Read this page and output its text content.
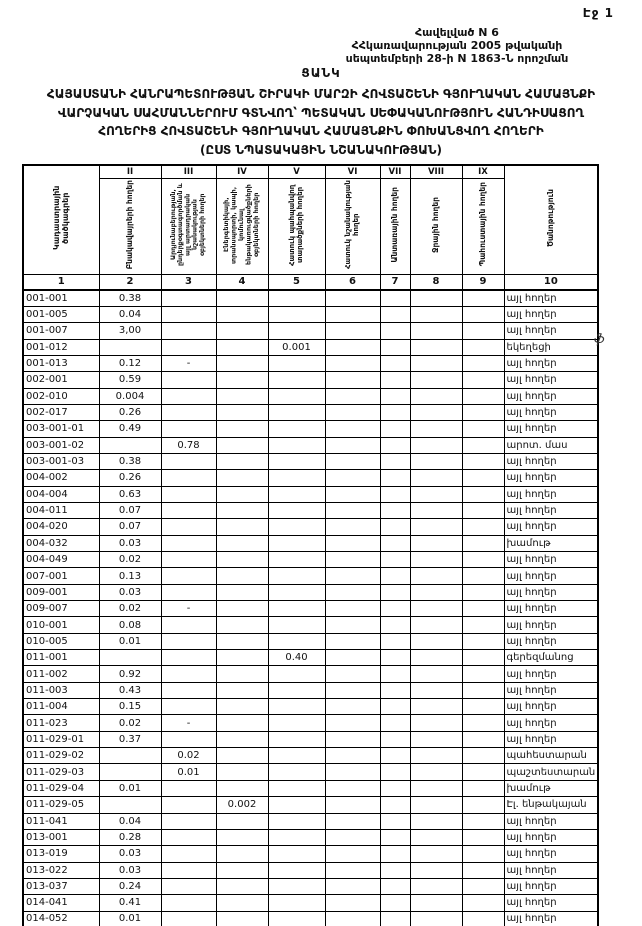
Էջ 1
Հավելված N 6
ՀՀկառավարության 2005 թվականի
սեպտեմբերի 28-ի N 1863-Ն որոշման
ՑԱՆԿ
ՀԱՅԱՍՏԱՆԻ ՀԱՆՐԱՊԵՏՈՒԹՅԱՆ ՇԻՐԱԿԻ ՄԱՐԶԻ ՀՈՎՏԱՇԵՆԻ ԳՅՈՒՂԱԿԱՆ ՀԱՄԱՅՆՔԻ
ՎԱՐՉԱԿԱՆ ՍԱՀՄԱՆՆԵՐՈՒՄ ԳՏՆՎՈՂ՝ ՊԵՏԱԿԱՆ ՍԵՓԱԿԱՆՈՒԹՅՈՒՆ ՀԱՆԴԻՍԱՑՈՂ
ՀՈՂԵՐԻՑ ՀՈՎՏԱՇԵՆԻ ԳՅՈՒՂԱԿԱՆ ՀԱՄԱՅՆՔԻՆ ՓՈԽԱՆՑՎՈՂ ՀՈՂԵՐԻ
(ԸՍՏ ՆՊԱՏԱԿԱՅԻՆ ՆՇԱՆԱԿՈՒԹՅԱՆ)
Կադաստրային ծածկագրեր	II	III	IV	V	VI	VII	VIII	IX	Ծանոթություն
	Բնակավայրերի հողեր	Արդյունաբերության, ընդերքօգտագործման և այլ արտադրական նշանակության օբյեկտների հողեր	Էներգետիկայի, տրանսպորտի, կապի, կոմունալ ենթակառուցվածքների օբյեկտների հողեր	Հատուկ պահպանվող տարածքների հողեր	Հատուկ նշանակության հողեր	Անտառային հողեր	Ջրային հողեր	Պահուստային հողեր	
1	2	3	4	5	6	7	8	9	10
001-001	0.38								այլ հողեր
001-005	0.04								այլ հողեր
001-007	3,00								այլ հողեր
001-012				0.001					եկեղեցի
001-013	0.12	-							այլ հողեր
002-001	0.59								այլ հողեր
002-010	0.004								այլ հողեր
002-017	0.26								այլ հողեր
003-001-01	0.49								այլ հողեր
003-001-02		0.78							արոտ. մաս
003-001-03	0.38								այլ հողեր
004-002	0.26								այլ հողեր
004-004	0.63								այլ հողեր
004-011	0.07								այլ հողեր
004-020	0.07								այլ հողեր
004-032	0.03								խամութ
004-049	0.02								այլ հողեր
007-001	0.13								այլ հողեր
009-001	0.03								այլ հողեր
009-007	0.02	-							այլ հողեր
010-001	0.08								այլ հողեր
010-005	0.01								այլ հողեր
011-001				0.40					գերեզմանոց
011-002	0.92								այլ հողեր
011-003	0.43								այլ հողեր
011-004	0.15								այլ հողեր
011-023	0.02	-							այլ հողեր
011-029-01	0.37								այլ հողեր
011-029-02		0.02							պահեստարան
011-029-03		0.01							պաշտեստարան
011-029-04	0.01								խամութ
011-029-05			0.002						Էլ. ենթակայան
011-041	0.04								այլ հողեր
013-001	0.28								այլ հողեր
013-019	0.03								այլ հողեր
013-022	0.03								այլ հողեր
013-037	0.24								այլ հողեր
014-041	0.41								այլ հողեր
014-052	0.01								այլ հողեր
ֆ
